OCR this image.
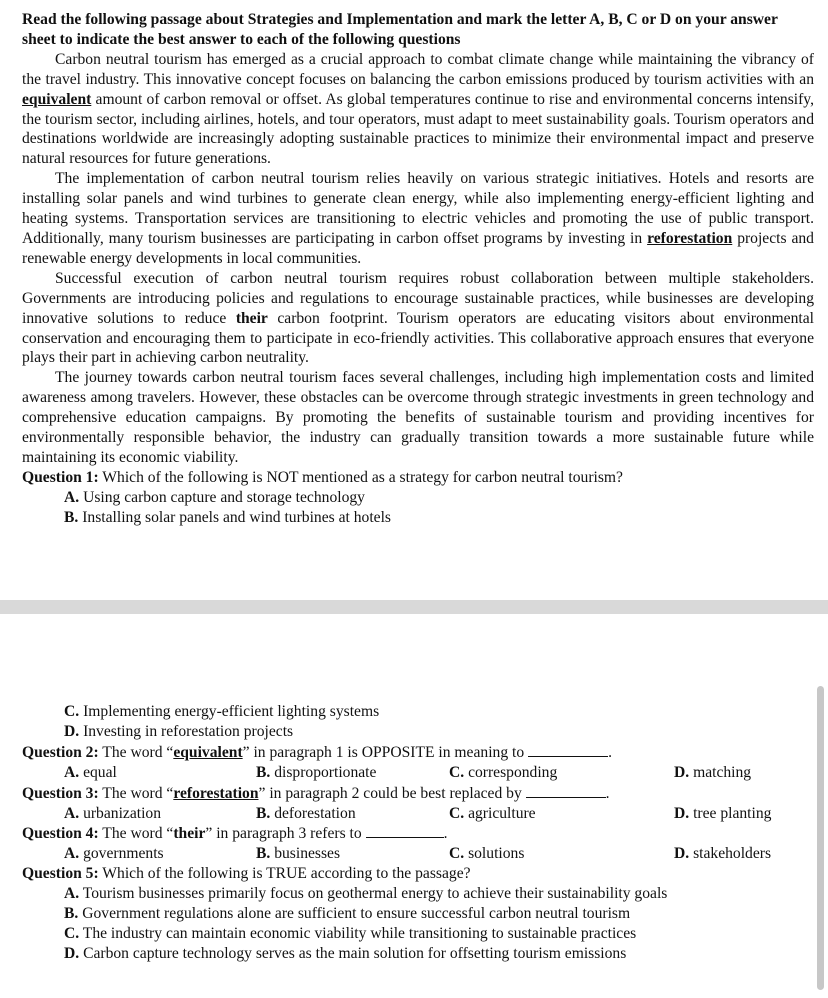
Read the following passage about Strategies and Implementation and mark the letter A, B, C or D on your answer sheet to indicate the best answer to each of the following questions

Carbon neutral tourism has emerged as a crucial approach to combat climate change while maintaining the vibrancy of the travel industry. This innovative concept focuses on balancing the carbon emissions produced by tourism activities with an equivalent amount of carbon removal or offset. As global temperatures continue to rise and environmental concerns intensify, the tourism sector, including airlines, hotels, and tour operators, must adapt to meet sustainability goals. Tourism operators and destinations worldwide are increasingly adopting sustainable practices to minimize their environmental impact and preserve natural resources for future generations.

The implementation of carbon neutral tourism relies heavily on various strategic initiatives. Hotels and resorts are installing solar panels and wind turbines to generate clean energy, while also implementing energy-efficient lighting and heating systems. Transportation services are transitioning to electric vehicles and promoting the use of public transport. Additionally, many tourism businesses are participating in carbon offset programs by investing in reforestation projects and renewable energy developments in local communities.

Successful execution of carbon neutral tourism requires robust collaboration between multiple stakeholders. Governments are introducing policies and regulations to encourage sustainable practices, while businesses are developing innovative solutions to reduce their carbon footprint. Tourism operators are educating visitors about environmental conservation and encouraging them to participate in eco-friendly activities. This collaborative approach ensures that everyone plays their part in achieving carbon neutrality.

The journey towards carbon neutral tourism faces several challenges, including high implementation costs and limited awareness among travelers. However, these obstacles can be overcome through strategic investments in green technology and comprehensive education campaigns. By promoting the benefits of sustainable tourism and providing incentives for environmentally responsible behavior, the industry can gradually transition towards a more sustainable future while maintaining its economic viability.

Question 1: Which of the following is NOT mentioned as a strategy for carbon neutral tourism?

A. Using carbon capture and storage technology

B. Installing solar panels and wind turbines at hotels

C. Implementing energy-efficient lighting systems

D. Investing in reforestation projects

Question 2: The word “equivalent” in paragraph 1 is OPPOSITE in meaning to	.

A. equal	B. disproportionate	C. corresponding	D. matching

Question 3: The word “reforestation” in paragraph 2 could be best replaced by	.

A. urbanization	B. deforestation	C. agriculture	D. tree planting

Question 4: The word “their” in paragraph 3 refers to	.

A. governments	B. businesses	C. solutions	D. stakeholders

Question 5: Which of the following is TRUE according to the passage?

A. Tourism businesses primarily focus on geothermal energy to achieve their sustainability goals

B. Government regulations alone are sufficient to ensure successful carbon neutral tourism

C. The industry can maintain economic viability while transitioning to sustainable practices

D. Carbon capture technology serves as the main solution for offsetting tourism emissions
